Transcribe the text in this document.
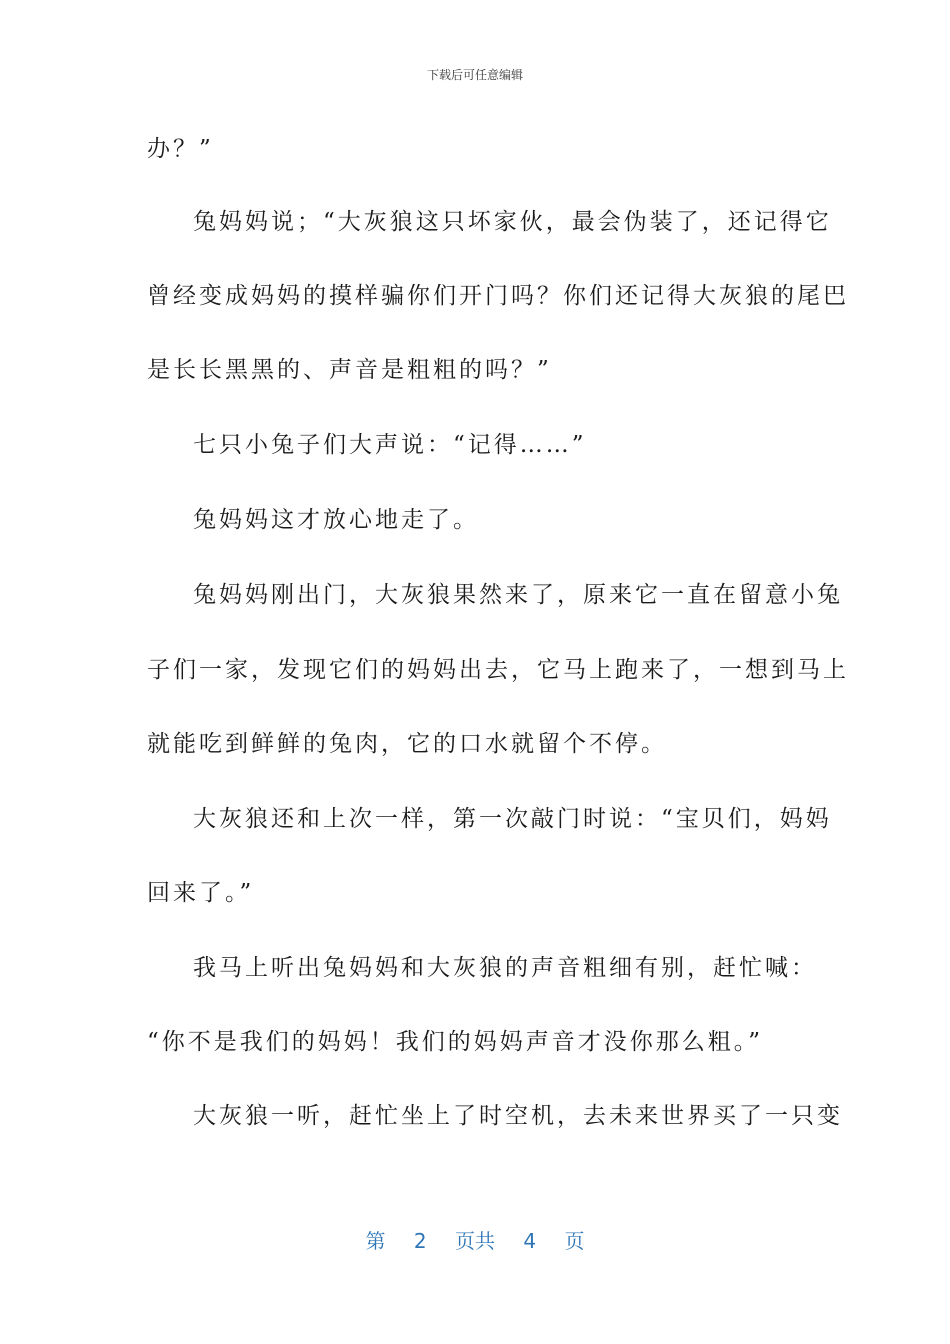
下载后可任意编辑
办？”
兔妈妈说；“大灰狼这只坏家伙，最会伪装了，还记得它
曾经变成妈妈的摸样骗你们开门吗？你们还记得大灰狼的尾巴
是长长黑黑的、声音是粗粗的吗？”
七只小兔子们大声说：“记得……”
兔妈妈这才放心地走了。
兔妈妈刚出门，大灰狼果然来了，原来它一直在留意小兔
子们一家，发现它们的妈妈出去，它马上跑来了，一想到马上
就能吃到鲜鲜的兔肉，它的口水就留个不停。
大灰狼还和上次一样，第一次敲门时说：“宝贝们，妈妈
回来了。”
我马上听出兔妈妈和大灰狼的声音粗细有别，赶忙喊：
“你不是我们的妈妈！我们的妈妈声音才没你那么粗。”
大灰狼一听，赶忙坐上了时空机，去未来世界买了一只变
第 2 页共 4 页
